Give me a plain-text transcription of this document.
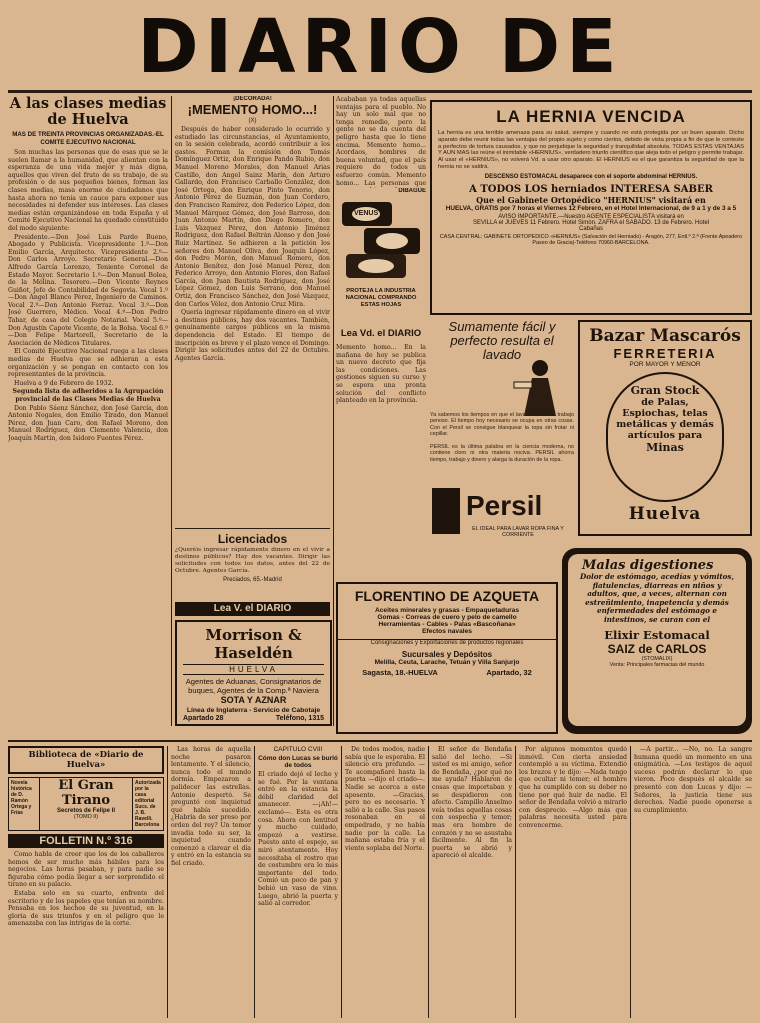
DIARIO DE
A las clases medias de Huelva
MAS DE TREINTA PROVINCIAS ORGANIZADAS.-EL COMITE EJECUTIVO NACIONAL

Son muchas las personas que de esas que se le suelen llamar a la humanidad, que alientan con la esperanza de una vida mejor y más digna, aquellos que viven del fruto de su trabajo, de su profesión o de sus pequeños bienes, forman las clases medias, masa enorme de ciudadanos que hasta ahora no tenía un cauce para exponer sus necesidades ni defender sus intereses. Las clases medias están organizándose en toda España y el Comité Ejecutivo Nacional ha quedado constituido del modo siguiente:

Presidente.—Don José Luis Pardo Bueno, Abogado y Publicista. Vicepresidente 1.º—Don Emilio García, Arquitecto. Vicepresidente 2.º—Don Carlos Arroyo. Secretario General.—Don Alfredo García Lorenzo, Teniente Coronel de Estado Mayor. Secretario 1.º—Don Manuel Bolea, de la Mólina. Tesorero.—Don Vicente Reynes Guiñot, Jefe de Contabilidad de Segovia. Vocal 1.º—Don Angel Blanco Pérez, Ingeniero de Caminos. Vocal 2.º—Don Antonio Ferraz. Vocal 3.º—Don José Guerrero, Médico. Vocal 4.º—Don Pedro Tabar, de casa del Colegio Notarial. Vocal 5.º—Don Agustín Capote Vicente, de la Bolsa. Vocal 6.º—Don Felipe Martorell, Secretario de la Asociación de Médicos Titulares.

El Comité Ejecutivo Nacional ruega a las clases medias de Huelva que se adhieran a esta organización y se pongan en contacto con los representantes de la provincia.

Huelva a 9 de Febrero de 1932.

Segunda lista de adheridos a la Agrupación provincial de las Clases Medias de Huelva

Don Pablo Sáenz Sánchez, don José García, don Antonio Nogales, don Emilio Tirado, don Manuel Pérez, don Juan Caro, don Rafael Moreno, don Manuel Rodríguez, don Clemente Valencia, don Joaquín Martín, don Isidoro Fuentes Pérez.

¡DECORADA!
¡MEMENTO HOMO...!
(X)

Después de haber considerado lo ocurrido y estudiado las circunstancias, el Ayuntamiento, en la sesión celebrada, acordó contribuir a los gastos. Forman la comisión don Tomás Domínguez Ortiz, don Enrique Pando Rubio, don Manuel Moreno Morales, don Manuel Arias Castillo, don Angel Sainz Marín, don Arturo Gallardo, don Francisco Carballo González, don José Ortega, don Enrique Pinto Tenorio, don Antonio Pérez de Guzmán, don Juan Cordero, don Francisco Ramírez, don Federico López, don Manuel Márquez Gómez, don José Barroso, don Juan Antonio Martín, don Diego Romero, don Luis Vázquez Pérez, don Antonio Jiménez Rodríguez, don Rafael Beltrán Alonso y don José Ruiz Martínez. Se adhieren a la petición los señores don Manuel Oliva, don Joaquín López, don Pedro Morón, don Manuel Romero, don Antonio Benítez, don José Manuel Pérez, don Federico Arroyo, don Antonio Flores, don Rafael García, don Juan Bautista Rodríguez, don José López Gómez, don Luis Serrano, don Manuel Ortiz, don Francisco Sánchez, don José Vázquez, don Carlos Vélez, don Antonio Cruz Mira.

Quería ingresar rápidamente dinero en el vivir a destinos públicos, hay dos vacantes. También, genuinamente cargos públicos en la misma dependencia del Estado. El tiempo de inscripción es breve y el plazo vence el Domingo. Dirigir las solicitudes antes del 22 de Octubre. Agentes García.

Licenciados
¿Queréis ingresar rápidamente dinero en el vivir a destinos públicos? Hay dos vacantes. Dirigir las solicitudes con todos los datos, antes del 22 de Octubre. Agentes García.
Preciados, 65.-Madrid
Lea V. el DIARIO
Morrison & Haseldén
HUELVA
Agentes de Aduanas, Consignatarios de
buques, Agentes de la Comp.ª Naviera
SOTA Y AZNAR
Línea de Inglaterra - Servicio de Cabotaje
Apartado 28	Teléfono, 1315
Acababan ya todas aquellas ventajas para el pueblo. No hay un solo mal que no tenga remedio, pero la gente no se da cuenta del peligro hasta que lo tiene encima. Memento homo... Acordaos, hombres de buena voluntad, que el país requiere de todos un esfuerzo común. Memento homo... Las personas que
DIBAGUE
VENUS
PROTEJA LA INDUSTRIA NACIONAL COMPRANDO ESTAS HOJAS
Lea Vd. el DIARIO
Memento homo... En la mañana de hoy se publica un nuevo decreto que fija las condiciones. Las gestiones siguen su curso y se espera una pronta solución del conflicto planteado en la provincia.
LA HERNIA VENCIDA
La hernia es una terrible amenaza para su salud, siempre y cuando no está protegida por un buen aparato. Dicho aparato debe reunir todas las ventajas del propio sujeto y como ciertos, debido de vista propia a fin de que le conteste a perfectos de tortura causados, y que no perjudique la seguridad y tranquilidad absoluta. TODAS ESTAS VENTAJAS Y AUN MAS las reúne el inimitable «HERNIUS», verdadero triunfo científico que aleja todo el peligro y permite trabajar. Al usar el «HERNIUS», no volverá Vd. a usar otro aparato. El HERNIUS es el que garantiza la seguridad de que la hernia no se saldrá.
DESCENSO ESTOMACAL desaparece con el soporte abdominal HERNIUS.
A TODOS LOS herniados INTERESA SABER
Que el Gabinete Ortopédico "HERNIUS" visitará en
HUELVA, GRATIS por 7 horas el Viernes 12 Febrero, en el Hotel Internacional, de 9 a 1 y de 3 a 5
AVISO IMPORTANTE.—Nuestro AGENTE ESPECIALISTA visitará en
SEVILLA el JUEVES 11 Febrero. Hotel Simón. ZAFRA el SABADO. 13 de Febrero. Hotel Cabañas
CASA CENTRAL: GABINETE ORTOPEDICO «HERNIUS» (Salvación del Herniado) - Aragón, 277, Entl.º 2.ª (Frente Apeadero Paseo de Gracia)-Teléfono 70960-BARCELONA.
Sumamente fácil y perfecto resulta el lavado
Ya sabemos los tiempos en que el lavado resultaba trabajo penoso. El tiempo hoy necesario se ocupa en otras cosas. Con el Persil se consigue blanquear la ropa sin frotar ni cepillar.
PERSIL es la última palabra en la ciencia moderna, no contiene cloro ni otra materia nociva. PERSIL ahorra tiempo, trabajo y dinero y alarga la duración de la ropa.
Persil
EL IDEAL PARA LAVAR ROPA FINA Y CORRIENTE
Bazar Mascarós
FERRETERIA
POR MAYOR Y MENOR
Gran Stock
de Palas, Espiochas, telas metálicas y demás artículos para
Minas
Huelva
FLORENTINO DE AZQUETA
Aceites minerales y grasas - Empaquetaduras
Gomas - Correas de cuero y pelo de camello
Herramientas - Cables - Palas «Bascoñana»
Efectos navales
Consignaciones y Exportaciones de productos regionales
Sucursales y Depósitos
Melilla, Ceuta, Larache, Tetuán y Villa Sanjurjo
Sagasta, 18.-HUELVA	Apartado, 32
Malas digestiones
Dolor de estómago, acedías y vómitos, flatulencias, diarreas en niños y adultos, que, a veces, alternan con estreñimiento, inapetencia y demás enfermedades del estómago e intestinos, se curan con el
Elixir Estomacal
SAIZ de CARLOS
(STOMALIX)
Venta: Principales farmacias del mundo
Biblioteca de «Diario de Huelva»
Novela histórica de D. Ramón Ortega y Frías
El Gran Tirano
Secretos de Felipe II
(TOMO II)
Autorizada por la casa editorial Sucs. de J. B. Ravelli. Barcelona
FOLLETIN N.º 316

Como habla de creer que los de los caballeros hemos de ser mucho más hábiles para los negocios. Las horas pasaban, y para nadie se figuraba cómo podía llegar a ser sorprendido el tirano en su palacio.

Estaba solo en su cuarto, enfrente del escritorio y de los papeles que tenían su nombre. Pensaba en los hechos de su juventud, en la gloria de sus triunfos y en el peligro que le amenazaba con las intrigas de la corte.

Las horas de aquella noche pasaron lentamente. Y el silencio, nunca todo el mundo dormía. Empezaron a palidecer las estrellas. Antonio despertó. Se preguntó con inquietud qué había sucedido. ¿Habría de ser preso por orden del rey? Un temor invadía todo su ser, la inquietud cuando comenzó a clarear el día y entró en la estancia su fiel criado.

CAPITULO CVIII
Cómo don Lucas se burló de todos
El criado dejó el lecho y se fué. Por la ventana entró en la estancia la débil claridad del amanecer. —¡Ah!—exclamó—. Esta es otra cosa. Ahora con lentitud y mucho cuidado, empezó a vestirse. Puesto ante el espejo, se miró atentamente. Hoy necesitaba el rostro que de costumbre era lo más importante del todo. Comió un poco de pan y bebió un vaso de vino. Luego, abrió la puerta y salió al corredor.

De todos modos, nadie sabía que le esperaba. El silencio era profundo. —Te acompañaré hasta la puerta —dijo el criado—. Nadie se acerca a este aposento. —Gracias, pero no es necesario. Y salió a la calle. Sus pasos resonaban en el empedrado, y no había nadie por la calle. La mañana estaba fría y el viento soplaba del Norte.

El señor de Bendaña salió del lecho. —Si usted es mi amigo, señor de Bendaña, ¿por qué no me ayuda? Hablaron de cosas que importaban y se despidieron con afecto. Campillo Anselmo veía todas aquellas cosas con sospecha y temor; mas era hombre de corazón y no se asustaba fácilmente. Al fin la puerta se abrió y apareció el alcalde.

Por algunos momentos quedó inmóvil. Con cierta ansiedad contempló a su víctima. Extendió los brazos y le dijo: —Nada tengo que ocultar ni temer; el hombre que ha cumplido con su deber no tiene por qué huir de nadie. El señor de Bendaña volvió a mirarlo con desprecio. —Algo más que palabras necesita usted para convencerme.

—A partir... —No, no. La sangre humana quedó un momento en una enigmática. —Los testigos de aquel suceso podrán declarar lo que vieron. Poco después el alcalde se presentó con don Lucas y dijo: —Señores, la justicia tiene sus derechos. Nadie puede oponerse a su cumplimiento.
